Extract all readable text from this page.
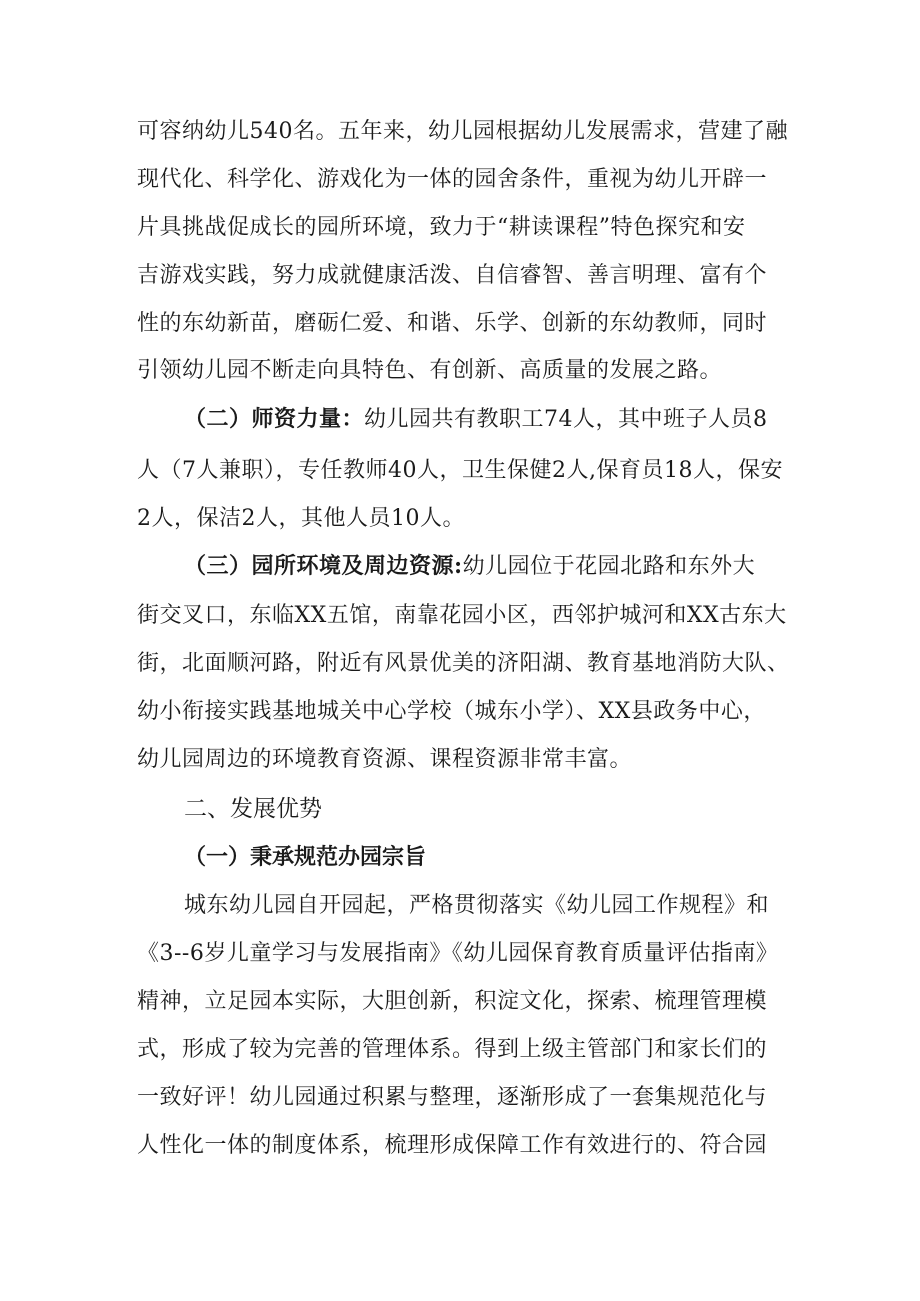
可容纳幼儿540名。五年来，幼儿园根据幼儿发展需求，营建了融
现代化、科学化、游戏化为一体的园舍条件，重视为幼儿开辟一
片具挑战促成长的园所环境，致力于“耕读课程”特色探究和安
吉游戏实践，努力成就健康活泼、自信睿智、善言明理、富有个
性的东幼新苗，磨砺仁爱、和谐、乐学、创新的东幼教师，同时
引领幼儿园不断走向具特色、有创新、高质量的发展之路。
（二）师资力量：幼儿园共有教职工74人，其中班子人员8
人（7人兼职），专任教师40人，卫生保健2人,保育员18人，保安
2人，保洁2人，其他人员10人。
（三）园所环境及周边资源:幼儿园位于花园北路和东外大
街交叉口，东临XX五馆，南靠花园小区，西邻护城河和XX古东大
街，北面顺河路，附近有风景优美的济阳湖、教育基地消防大队、
幼小衔接实践基地城关中心学校（城东小学）、XX县政务中心，
幼儿园周边的环境教育资源、课程资源非常丰富。
二、发展优势
（一）秉承规范办园宗旨
城东幼儿园自开园起，严格贯彻落实《幼儿园工作规程》和
《3--6岁儿童学习与发展指南》《幼儿园保育教育质量评估指南》
精神，立足园本实际，大胆创新，积淀文化，探索、梳理管理模
式，形成了较为完善的管理体系。得到上级主管部门和家长们的
一致好评！幼儿园通过积累与整理，逐渐形成了一套集规范化与
人性化一体的制度体系，梳理形成保障工作有效进行的、符合园
